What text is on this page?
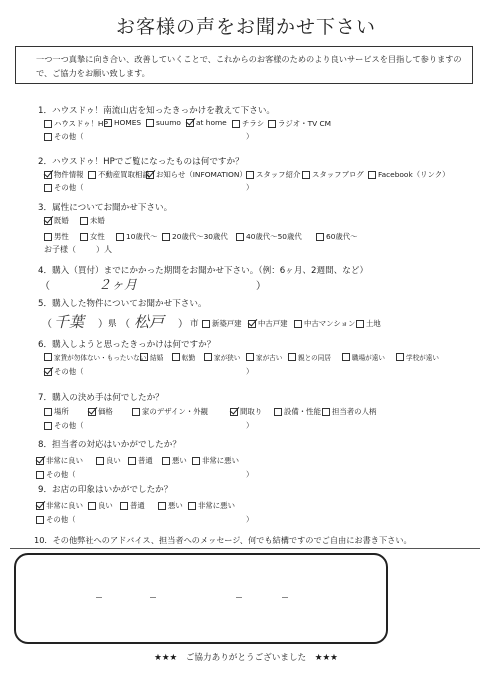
お客様の声をお聞かせ下さい
一つ一つ真摯に向き合い、改善していくことで、これからのお客様のためのより良いサービスを目指して参りますので、ご協力をお願い致します。
1．ハウスドゥ！南流山店を知ったきっかけを教えて下さい。
ハウスドゥ！HP HOMES suumo at home チラシ ラジオ・TV CM
その他（	）
2．ハウスドゥ！HPでご覧になったものは何ですか？
物件情報 不動産買取相談 お知らせ（INFOMATION） スタッフ紹介 スタッフブログ Facebook（リンク）
その他（	）
3．属性についてお聞かせ下さい。
既婚	未婚
男性	女性	10歳代～ 20歳代～30歳代 40歳代～50歳代	60歳代～
お子様（	）人
4．購入（買付）までにかかった期間をお聞かせ下さい。（例：6ヶ月、2週間、など）
（	２ヶ月	）
5．購入した物件についてお聞かせ下さい。
（ 千葉 ） 県 （ 松戸 ） 市 新築戸建 中古戸建 中古マンション 土地
6．購入しようと思ったきっかけは何ですか？
家賃が勿体ない・もったいない 結婚	転勤	家が狭い 家が古い 親との同居	職場が遠い	学校が遠い
その他（	）
7．購入の決め手は何でしたか？
場所	価格	家のデザイン・外観	間取り	設備・性能 担当者の人柄
その他（	）
8．担当者の対応はいかがでしたか？
非常に良い	良い 普通	悪い 非常に悪い
その他（	）
9．お店の印象はいかがでしたか？
非常に良い 良い 普通	悪い 非常に悪い
その他（	）
10．その他弊社へのアドバイス、担当者へのメッセージ、何でも結構ですのでご自由にお書き下さい。
★★★　ご協力ありがとうございました　★★★
